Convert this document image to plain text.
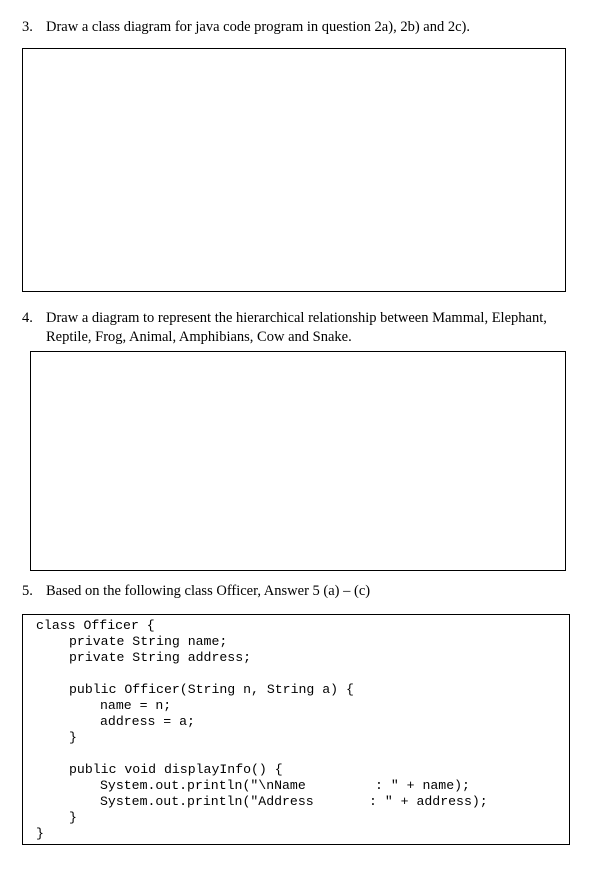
3. Draw a class diagram for java code program in question 2a), 2b) and 2c).
4. Draw a diagram to represent the hierarchical relationship between Mammal, Elephant, Reptile, Frog, Animal, Amphibians, Cow and Snake.
5. Based on the following class Officer, Answer 5 (a) – (c)
class Officer {
private String name;
private String address;
public Officer(String n, String a) {
name = n;
address = a;
}
public void displayInfo() {
System.out.println("\nName	: " + name);
System.out.println("Address	: " + address);
}
}
